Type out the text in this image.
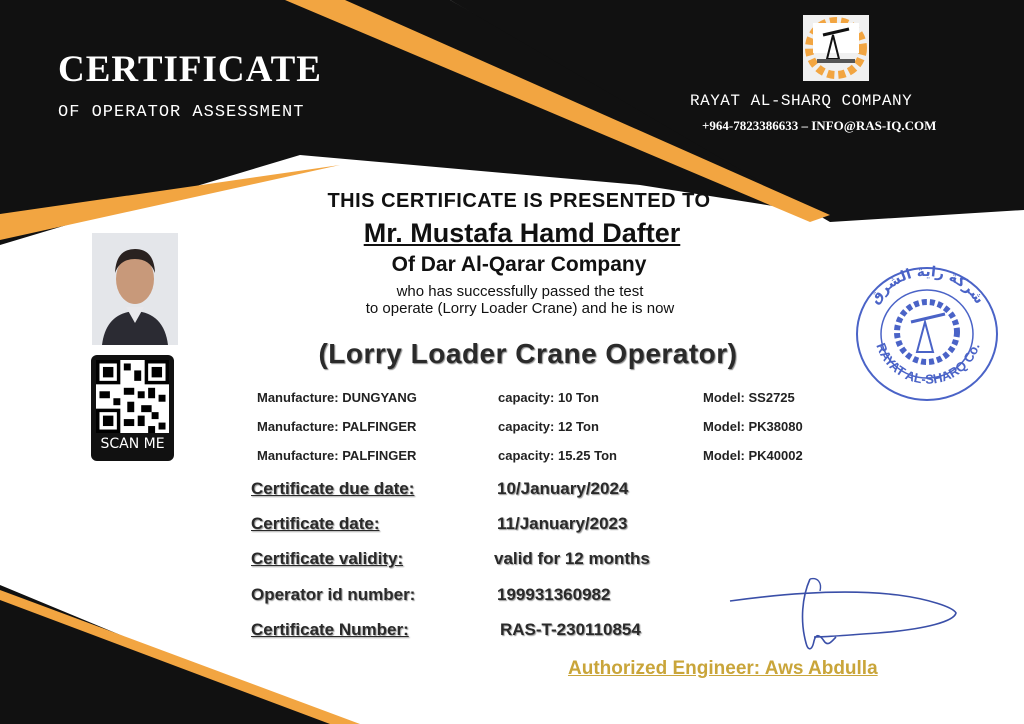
CERTIFICATE
OF OPERATOR ASSESSMENT
RAYAT AL-SHARQ COMPANY
+964-7823386633 – INFO@RAS-IQ.COM
SCAN ME
THIS CERTIFICATE IS PRESENTED TO
Mr. Mustafa Hamd Dafter
Of Dar Al-Qarar Company
who has successfully passed the test
to operate (Lorry Loader Crane) and he is now
(Lorry Loader Crane Operator)
شركة راية الشرق
RAYAT AL-SHARQ Co.
Manufacture: DUNGYANG	capacity: 10 Ton	Model: SS2725
Manufacture: PALFINGER	capacity: 12 Ton	Model: PK38080
Manufacture: PALFINGER	capacity: 15.25 Ton	Model: PK40002
Certificate due date:	10/January/2024
Certificate date:	11/January/2023
Certificate validity:	valid for 12 months
Operator id number:	199931360982
Certificate Number:	RAS-T-230110854
Authorized Engineer: Aws Abdulla
